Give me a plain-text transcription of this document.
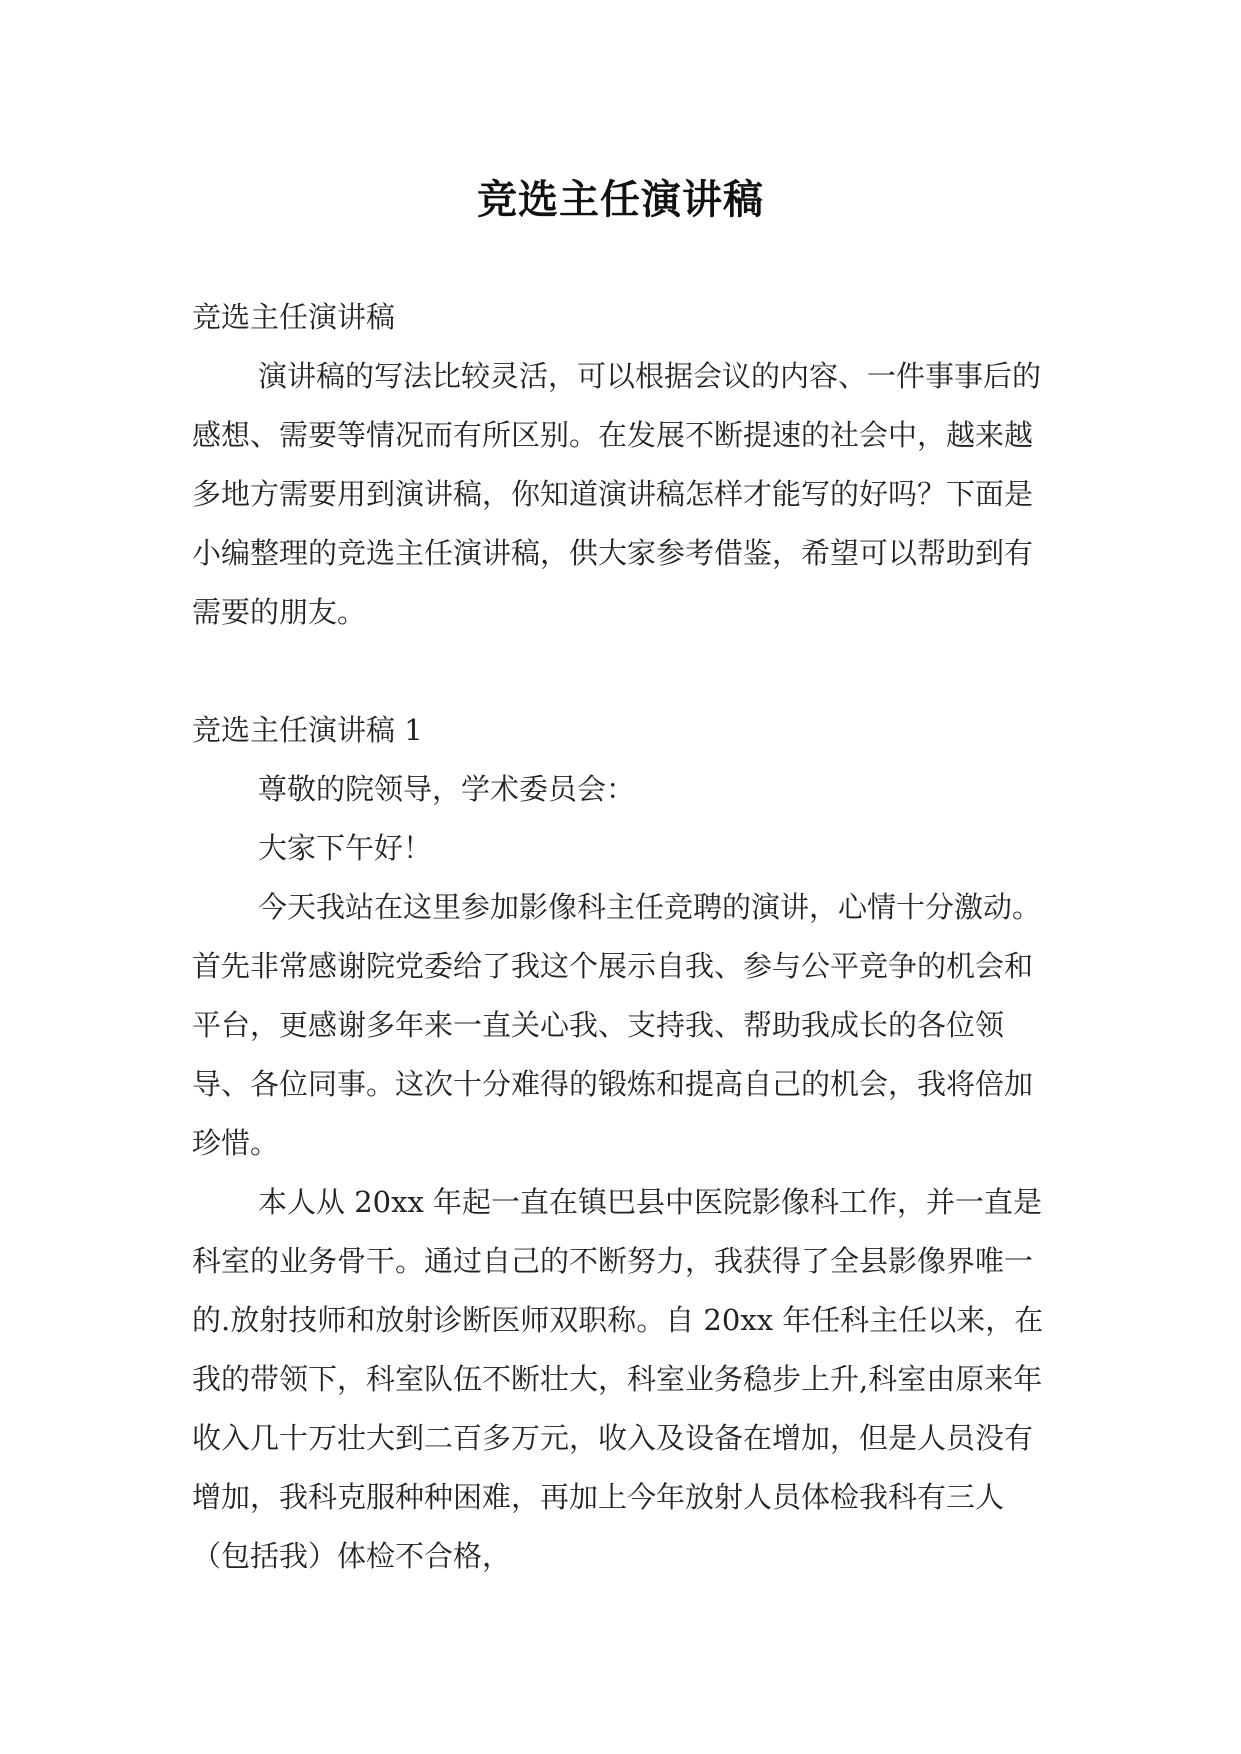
竞选主任演讲稿

竞选主任演讲稿

演讲稿的写法比较灵活，可以根据会议的内容、一件事事后的感想、需要等情况而有所区别。在发展不断提速的社会中，越来越多地方需要用到演讲稿，你知道演讲稿怎样才能写的好吗？下面是小编整理的竞选主任演讲稿，供大家参考借鉴，希望可以帮助到有需要的朋友。

竞选主任演讲稿 1

尊敬的院领导，学术委员会：

大家下午好！

今天我站在这里参加影像科主任竞聘的演讲，心情十分激动。首先非常感谢院党委给了我这个展示自我、参与公平竞争的机会和平台，更感谢多年来一直关心我、支持我、帮助我成长的各位领导、各位同事。这次十分难得的锻炼和提高自己的机会，我将倍加珍惜。

本人从 20xx 年起一直在镇巴县中医院影像科工作，并一直是科室的业务骨干。通过自己的不断努力，我获得了全县影像界唯一的.放射技师和放射诊断医师双职称。自 20xx 年任科主任以来，在我的带领下，科室队伍不断壮大，科室业务稳步上升,科室由原来年收入几十万壮大到二百多万元，收入及设备在增加，但是人员没有增加，我科克服种种困难，再加上今年放射人员体检我科有三人（包括我）体检不合格，
